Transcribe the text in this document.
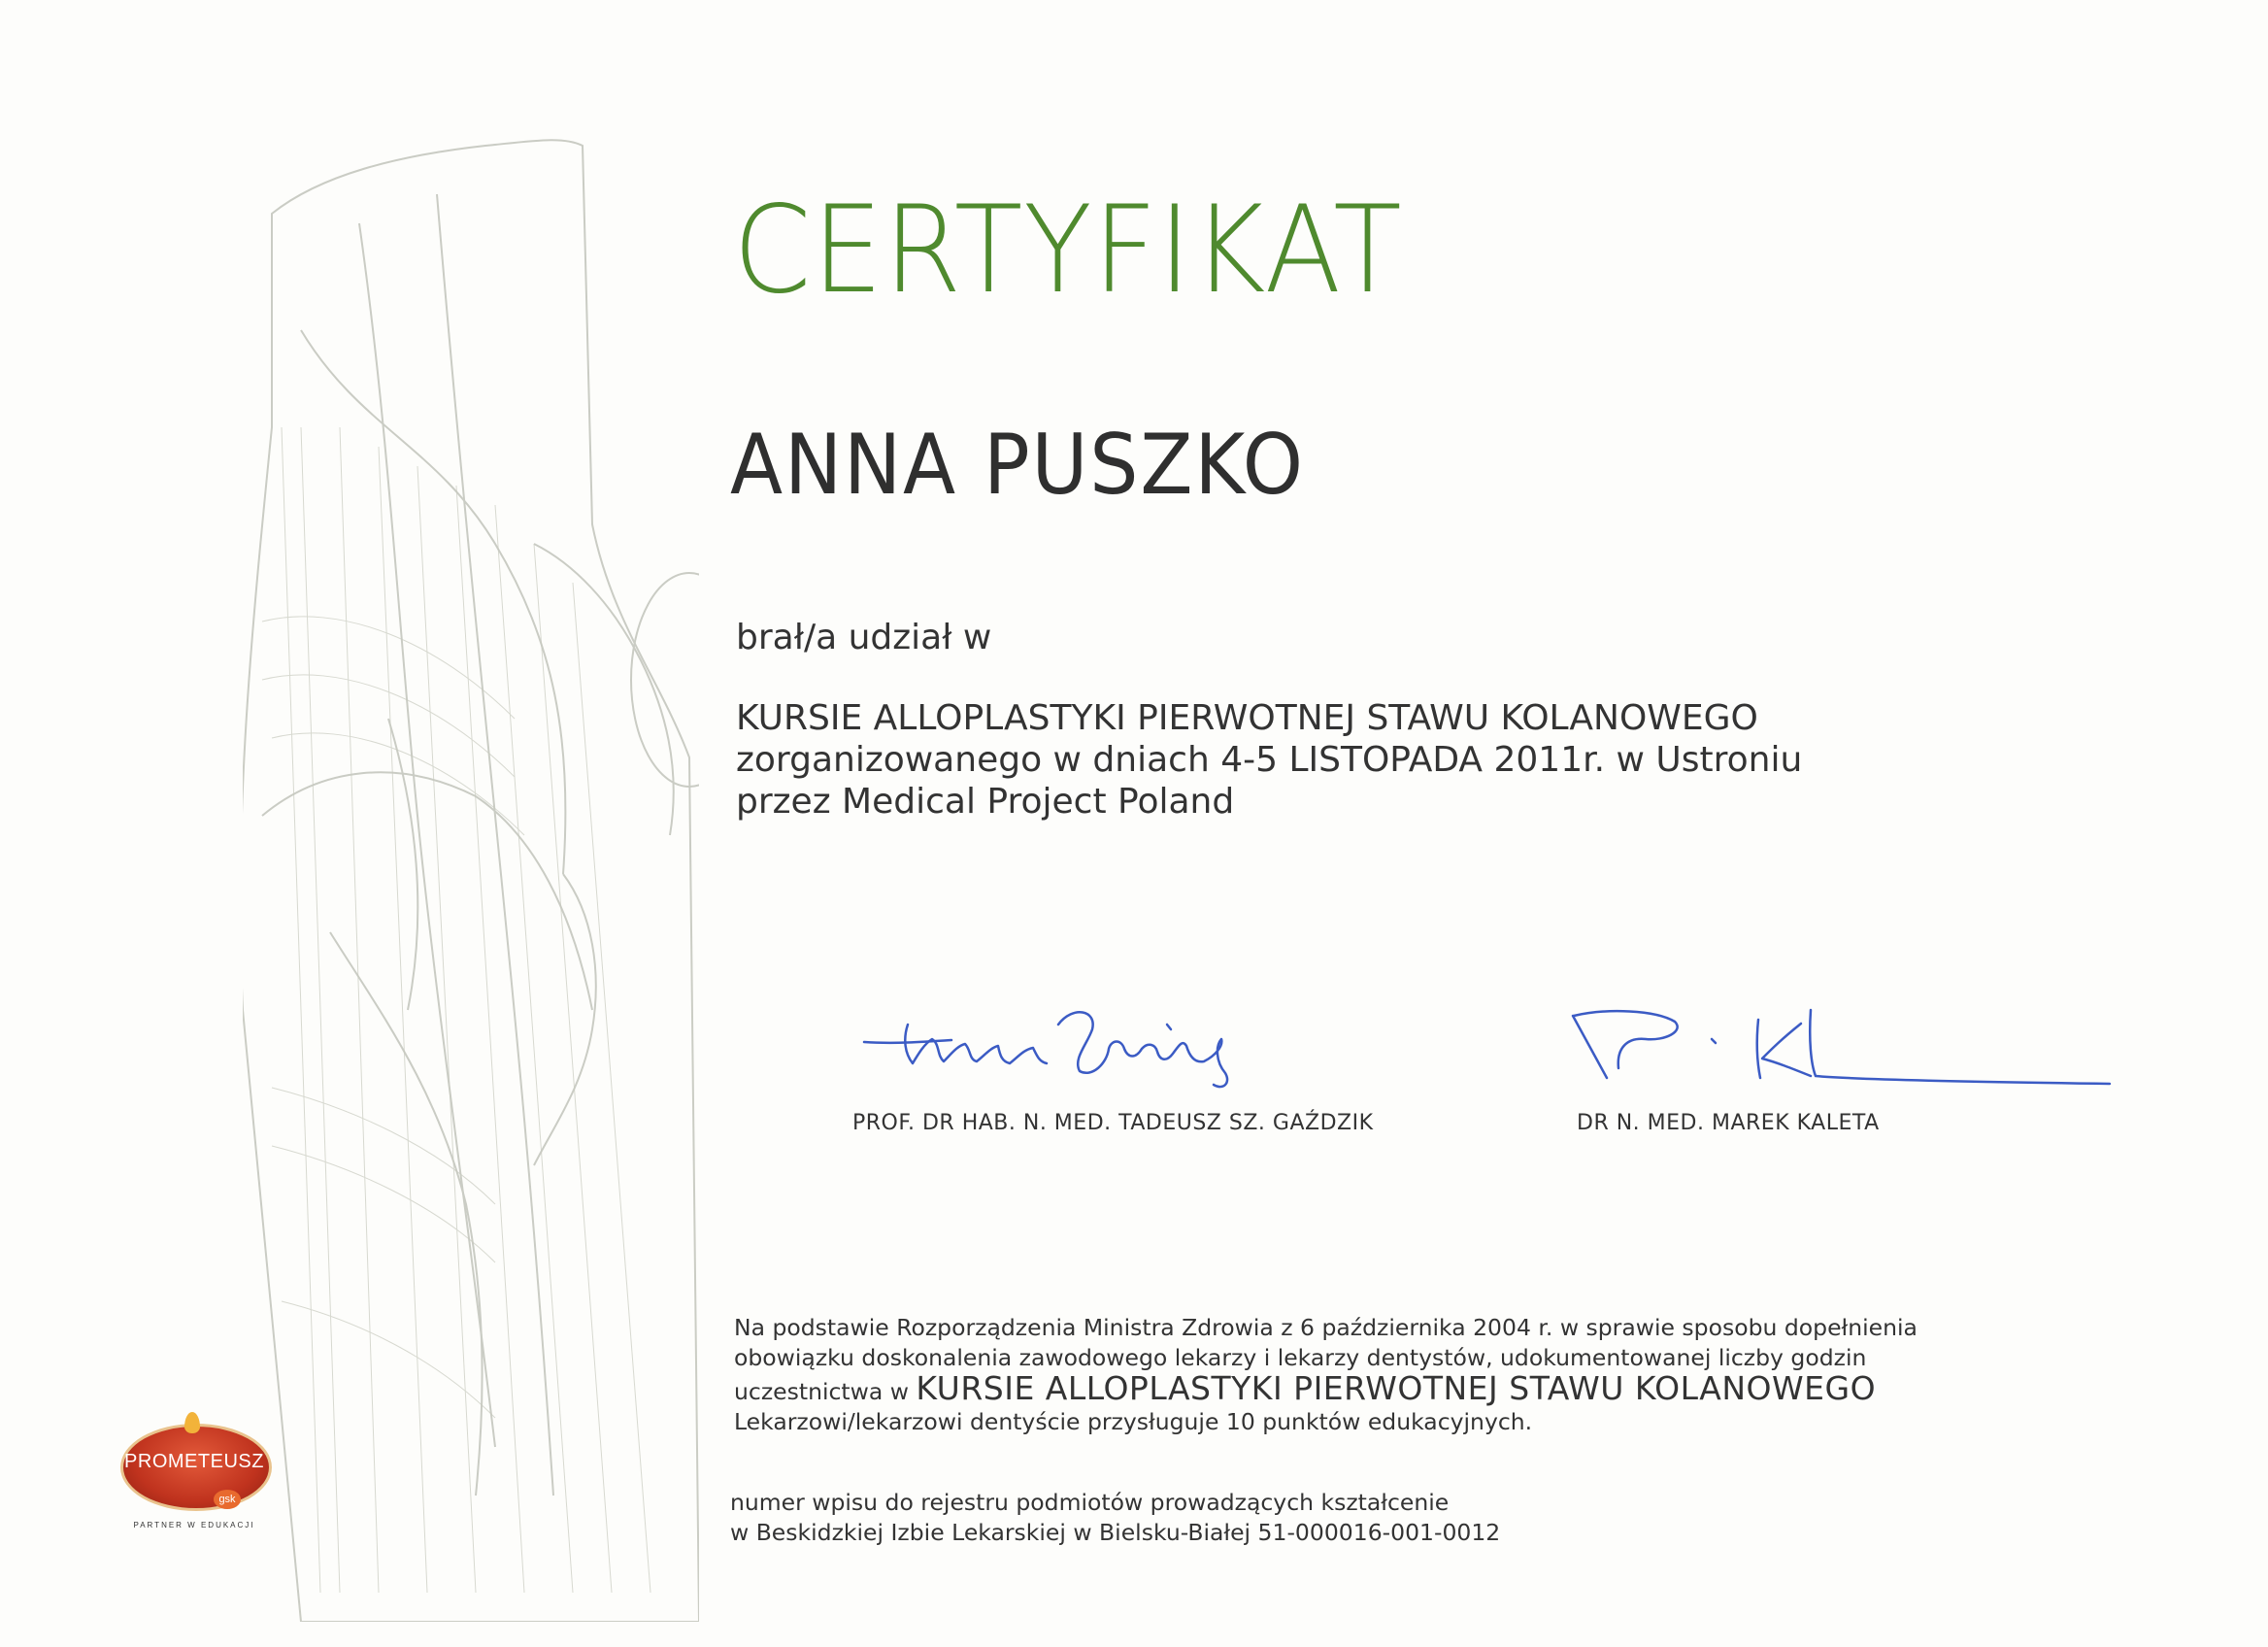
CERTYFIKAT
ANNA PUSZKO
brał/a udział w
KURSIE ALLOPLASTYKI PIERWOTNEJ STAWU KOLANOWEGO
zorganizowanego w dniach 4-5 LISTOPADA 2011r. w Ustroniu
przez Medical Project Poland
PROF. DR HAB. N. MED. TADEUSZ SZ. GAŹDZIK	DR N. MED. MAREK KALETA
Na podstawie Rozporządzenia Ministra Zdrowia z 6 października 2004 r. w sprawie sposobu dopełnienia
obowiązku doskonalenia zawodowego lekarzy i lekarzy dentystów, udokumentowanej liczby godzin
uczestnictwa w KURSIE ALLOPLASTYKI PIERWOTNEJ STAWU KOLANOWEGO
Lekarzowi/lekarzowi dentyście przysługuje 10 punktów edukacyjnych.
numer wpisu do rejestru podmiotów prowadzących kształcenie
w Beskidzkiej Izbie Lekarskiej w Bielsku-Białej 51-000016-001-0012
PROMETEUSZ
gsk
PARTNER W EDUKACJI
